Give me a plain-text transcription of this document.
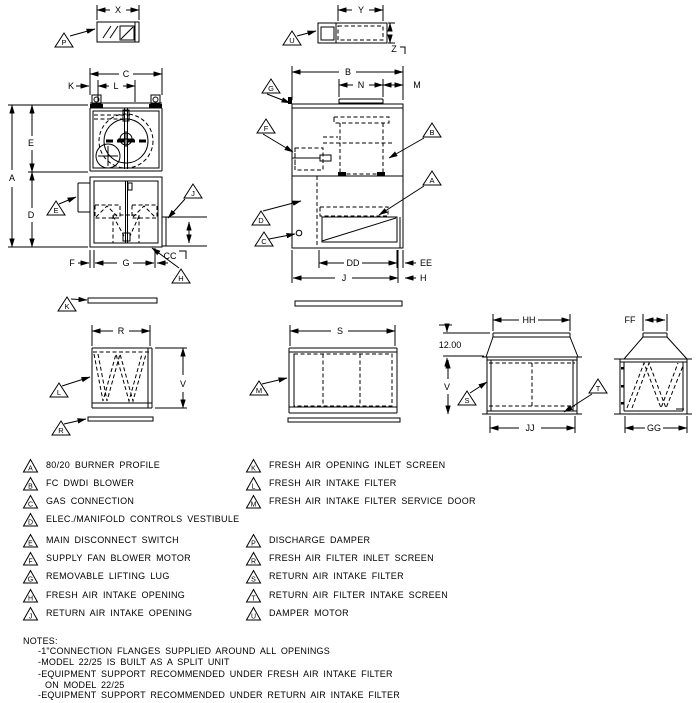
X
P
Y
Z
U
C
K	L
A
E
D
F	G
CC
E
J
H
B
N	M
DD	EE
J	H
G
F	B
A
D
C
K
R
V
L
R
S
M
HH
12.00
V
S
T
JJ
FF
GG
A 80/20 BURNER PROFILE
B FC DWDI BLOWER
C GAS CONNECTION
D ELEC./MANIFOLD CONTROLS VESTIBULE
E MAIN DISCONNECT SWITCH
F SUPPLY FAN BLOWER MOTOR
G REMOVABLE LIFTING LUG
H FRESH AIR INTAKE OPENING
J RETURN AIR INTAKE OPENING
K FRESH AIR OPENING INLET SCREEN
L FRESH AIR INTAKE FILTER
M FRESH AIR INTAKE FILTER SERVICE DOOR
P DISCHARGE DAMPER
R FRESH AIR FILTER INLET SCREEN
S RETURN AIR INTAKE FILTER
T RETURN AIR FILTER INTAKE SCREEN
U DAMPER MOTOR
NOTES:
-1"CONNECTION FLANGES SUPPLIED AROUND ALL OPENINGS
-MODEL 22/25 IS BUILT AS A SPLIT UNIT
-EQUIPMENT SUPPORT RECOMMENDED UNDER FRESH AIR INTAKE FILTER
ON MODEL 22/25
-EQUIPMENT SUPPORT RECOMMENDED UNDER RETURN AIR INTAKE FILTER
